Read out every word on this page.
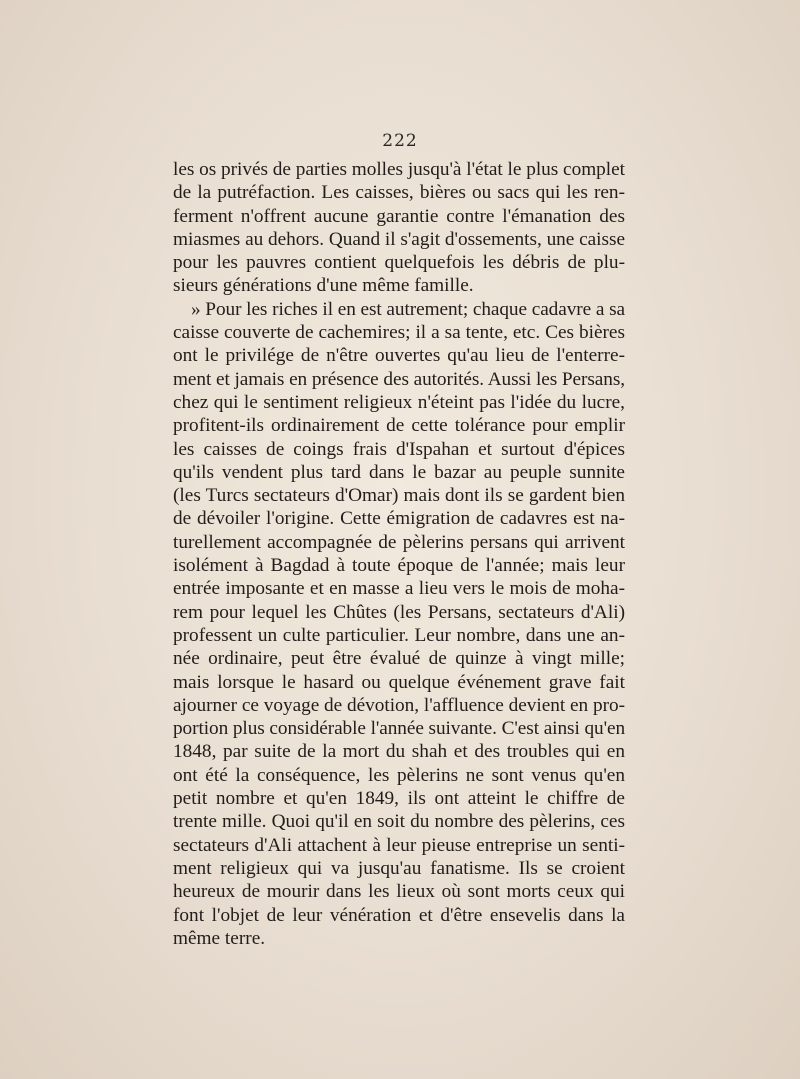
222
les os privés de parties molles jusqu'à l'état le plus complet
de la putréfaction. Les caisses, bières ou sacs qui les ren-
ferment n'offrent aucune garantie contre l'émanation des
miasmes au dehors. Quand il s'agit d'ossements, une caisse
pour les pauvres contient quelquefois les débris de plu-
sieurs générations d'une même famille.
» Pour les riches il en est autrement; chaque cadavre a sa
caisse couverte de cachemires; il a sa tente, etc. Ces bières
ont le privilége de n'être ouvertes qu'au lieu de l'enterre-
ment et jamais en présence des autorités. Aussi les Persans,
chez qui le sentiment religieux n'éteint pas l'idée du lucre,
profitent-ils ordinairement de cette tolérance pour emplir
les caisses de coings frais d'Ispahan et surtout d'épices
qu'ils vendent plus tard dans le bazar au peuple sunnite
(les Turcs sectateurs d'Omar) mais dont ils se gardent bien
de dévoiler l'origine. Cette émigration de cadavres est na-
turellement accompagnée de pèlerins persans qui arrivent
isolément à Bagdad à toute époque de l'année; mais leur
entrée imposante et en masse a lieu vers le mois de moha-
rem pour lequel les Chûtes (les Persans, sectateurs d'Ali)
professent un culte particulier. Leur nombre, dans une an-
née ordinaire, peut être évalué de quinze à vingt mille;
mais lorsque le hasard ou quelque événement grave fait
ajourner ce voyage de dévotion, l'affluence devient en pro-
portion plus considérable l'année suivante. C'est ainsi qu'en
1848, par suite de la mort du shah et des troubles qui en
ont été la conséquence, les pèlerins ne sont venus qu'en
petit nombre et qu'en 1849, ils ont atteint le chiffre de
trente mille. Quoi qu'il en soit du nombre des pèlerins, ces
sectateurs d'Ali attachent à leur pieuse entreprise un senti-
ment religieux qui va jusqu'au fanatisme. Ils se croient
heureux de mourir dans les lieux où sont morts ceux qui
font l'objet de leur vénération et d'être ensevelis dans la
même terre.
